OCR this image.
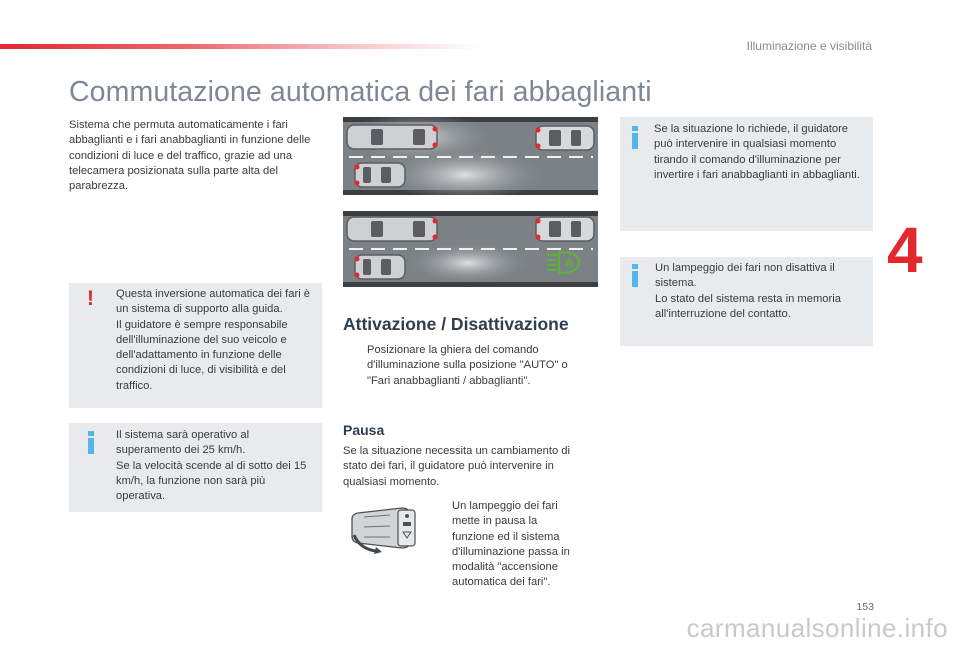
Illuminazione e visibilità
Commutazione automatica dei fari abbaglianti
4

Sistema che permuta automaticamente i fari abbaglianti e i fari anabbaglianti in funzione delle condizioni di luce e del traffico, grazie ad una telecamera posizionata sulla parte alta del parabrezza.

! Questa inversione automatica dei fari è un sistema di supporto alla guida.
Il guidatore è sempre responsabile dell'illuminazione del suo veicolo e dell'adattamento in funzione delle condizioni di luce, di visibilità e del traffico.

Il sistema sarà operativo al superamento dei 25 km/h.
Se la velocità scende al di sotto dei 15 km/h, la funzione non sarà più operativa.

A
Attivazione / Disattivazione

Posizionare la ghiera del comando d'illuminazione sulla posizione "AUTO" o "Fari anabbaglianti / abbaglianti".

Pausa

Se la situazione necessita un cambiamento di stato dei fari, il guidatore può intervenire in qualsiasi momento.

Un lampeggio dei fari mette in pausa la funzione ed il sistema d'illuminazione passa in modalità "accensione automatica dei fari".

Se la situazione lo richiede, il guidatore può intervenire in qualsiasi momento tirando il comando d'illuminazione per invertire i fari anabbaglianti in abbaglianti.

Un lampeggio dei fari non disattiva il sistema.
Lo stato del sistema resta in memoria all'interruzione del contatto.

153
carmanualsonline.info
